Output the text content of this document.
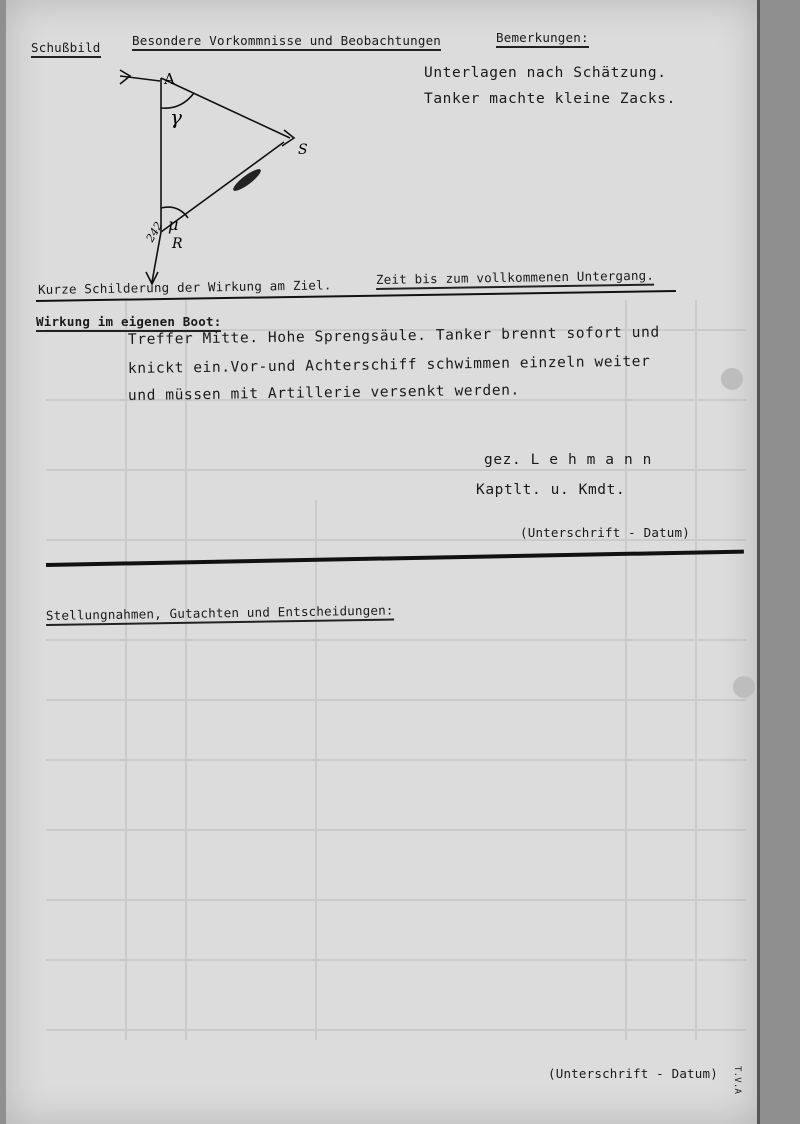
Schußbild	Besondere Vorkommnisse und Beobachtungen	Bemerkungen:
A
γ
S
μ
R
242
Unterlagen nach Schätzung.
Tanker machte kleine Zacks.
Kurze Schilderung der Wirkung am Ziel.
Zeit bis zum vollkommenen Untergang.
Wirkung im eigenen Boot:
Treffer Mitte. Hohe Sprengsäule. Tanker brennt sofort und
knickt ein.Vor-und Achterschiff schwimmen einzeln weiter
und müssen mit Artillerie versenkt werden.
gez. L e h m a n n
Kaptlt. u. Kmdt.
(Unterschrift - Datum)
Stellungnahmen, Gutachten und Entscheidungen:
(Unterschrift - Datum) T.V.A
